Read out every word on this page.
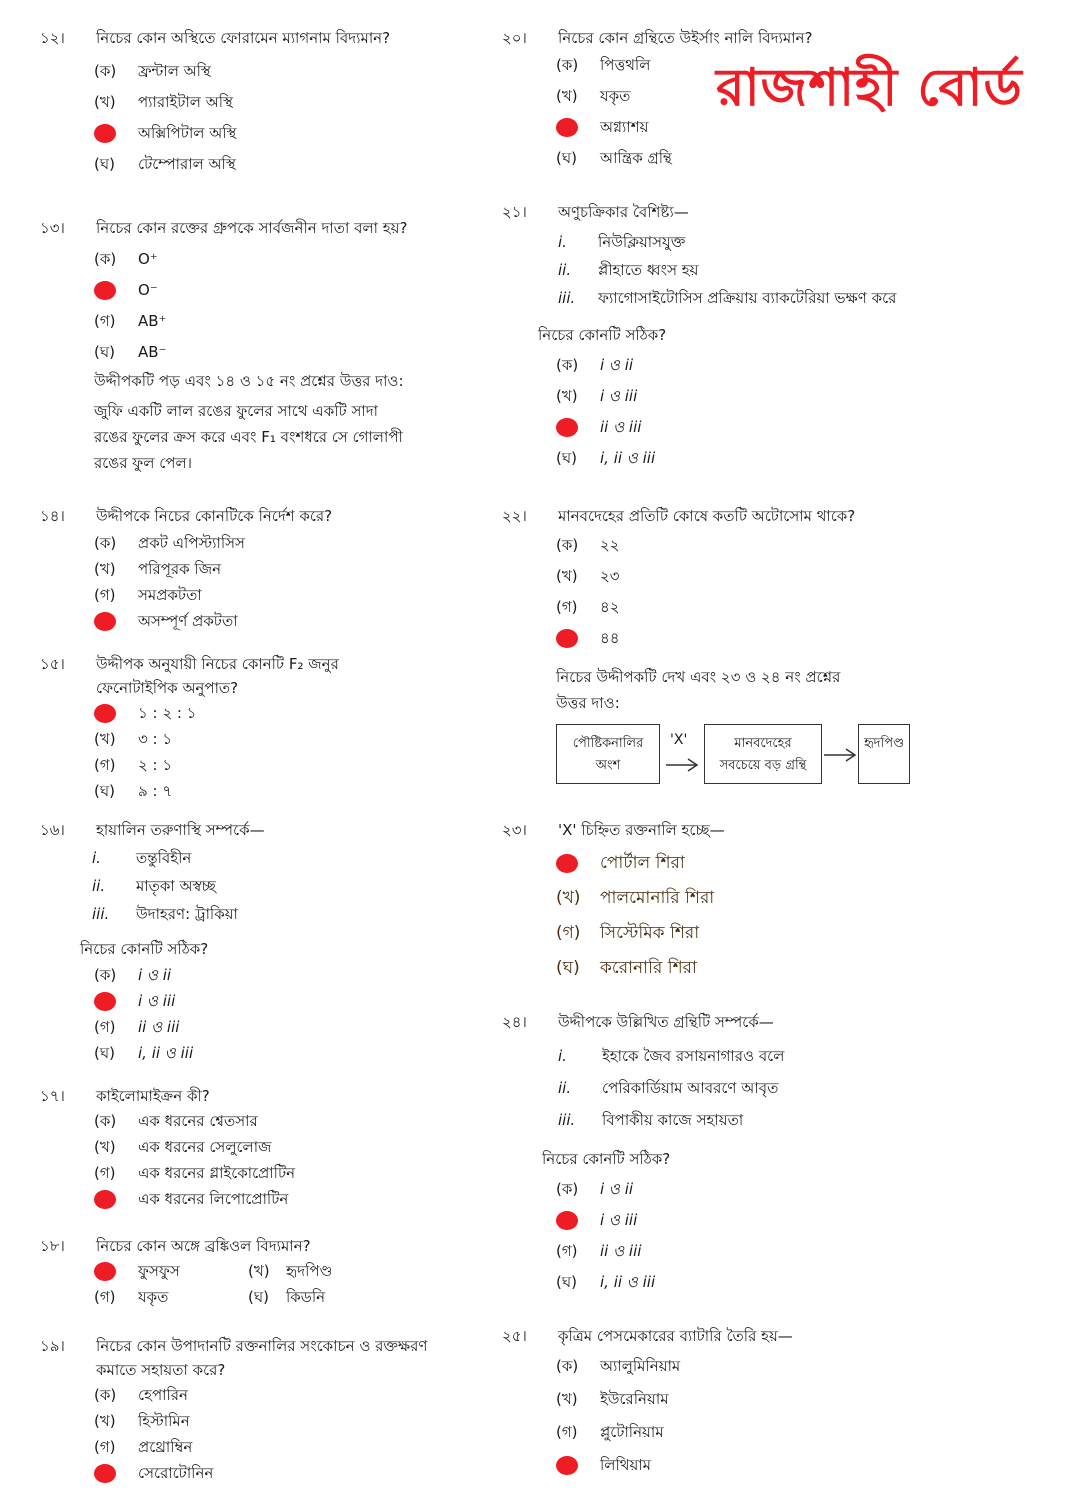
রাজশাহী বোর্ড
১২। নিচের কোন অস্থিতে ফোরামেন ম্যাগনাম বিদ্যমান?
(ক) ফ্রন্টাল অস্থি
(খ) প্যারাইটাল অস্থি
অক্সিপিটাল অস্থি
(ঘ) টেম্পোরাল অস্থি
১৩। নিচের কোন রক্তের গ্রুপকে সার্বজনীন দাতা বলা হয়?
(ক) O⁺
O⁻
(গ) AB⁺
(ঘ) AB⁻
উদ্দীপকটি পড় এবং ১৪ ও ১৫ নং প্রশ্নের উত্তর দাও:
জুফি একটি লাল রঙের ফুলের সাথে একটি সাদা
রঙের ফুলের ক্রস করে এবং F₁ বংশধরে সে গোলাপী
রঙের ফুল পেল।
১৪। উদ্দীপকে নিচের কোনটিকে নির্দেশ করে?
(ক) প্রকট এপিস্ট্যাসিস
(খ) পরিপূরক জিন
(গ) সমপ্রকটতা
অসম্পূর্ণ প্রকটতা
১৫। উদ্দীপক অনুযায়ী নিচের কোনটি F₂ জনুর
ফেনোটাইপিক অনুপাত?
১ : ২ : ১
(খ) ৩ : ১
(গ) ২ : ১
(ঘ) ৯ : ৭
১৬। হায়ালিন তরুণাস্থি সম্পর্কে—
i. তন্তুবিহীন
ii. মাতৃকা অস্বচ্ছ
iii. উদাহরণ: ট্রাকিয়া
নিচের কোনটি সঠিক?
(ক) i ও ii
i ও iii
(গ) ii ও iii
(ঘ) i, ii ও iii
১৭। কাইলোমাইক্রন কী?
(ক) এক ধরনের শ্বেতসার
(খ) এক ধরনের সেলুলোজ
(গ) এক ধরনের গ্লাইকোপ্রোটিন
এক ধরনের লিপোপ্রোটিন
১৮। নিচের কোন অঙ্গে ব্রঙ্কিওল বিদ্যমান?
ফুসফুস	(খ) হৃদপিণ্ড
(গ) যকৃত	(ঘ) কিডনি
১৯। নিচের কোন উপাদানটি রক্তনালির সংকোচন ও রক্তক্ষরণ
কমাতে সহায়তা করে?
(ক) হেপারিন
(খ) হিস্টামিন
(গ) প্রথ্রোম্বিন
সেরোটোনিন
২০। নিচের কোন গ্রন্থিতে উইর্সাং নালি বিদ্যমান?
(ক) পিত্তথলি
(খ) যকৃত
অগ্ন্যাশয়
(ঘ) আন্ত্রিক গ্রন্থি
২১। অণুচক্রিকার বৈশিষ্ট্য—
i. নিউক্লিয়াসযুক্ত
ii. প্লীহাতে ধ্বংস হয়
iii. ফ্যাগোসাইটোসিস প্রক্রিয়ায় ব্যাকটেরিয়া ভক্ষণ করে
নিচের কোনটি সঠিক?
(ক) i ও ii
(খ) i ও iii
ii ও iii
(ঘ) i, ii ও iii
২২। মানবদেহের প্রতিটি কোষে কতটি অটোসোম থাকে?
(ক) ২২
(খ) ২৩
(গ) ৪২
৪৪
নিচের উদ্দীপকটি দেখ এবং ২৩ ও ২৪ নং প্রশ্নের
উত্তর দাও:
পৌষ্টিকনালির
অংশ
'X'	মানবদেহের
সবচেয়ে বড় গ্রন্থি
হৃদপিণ্ড
২৩। 'X' চিহ্নিত রক্তনালি হচ্ছে—
পোর্টাল শিরা
(খ) পালমোনারি শিরা
(গ) সিস্টেমিক শিরা
(ঘ) করোনারি শিরা
২৪। উদ্দীপকে উল্লিখিত গ্রন্থিটি সম্পর্কে—
i. ইহাকে জৈব রসায়নাগারও বলে
ii. পেরিকার্ডিয়াম আবরণে আবৃত
iii. বিপাকীয় কাজে সহায়তা
নিচের কোনটি সঠিক?
(ক) i ও ii
i ও iii
(গ) ii ও iii
(ঘ) i, ii ও iii
২৫। কৃত্রিম পেসমেকারের ব্যাটারি তৈরি হয়—
(ক) অ্যালুমিনিয়াম
(খ) ইউরেনিয়াম
(গ) প্লুটোনিয়াম
লিথিয়াম
